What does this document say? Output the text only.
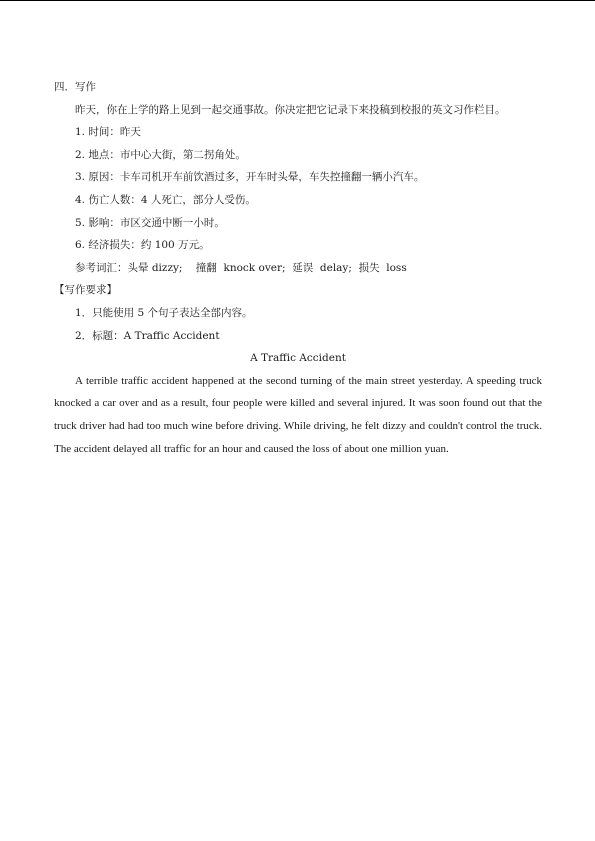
四．写作
昨天，你在上学的路上见到一起交通事故。你决定把它记录下来投稿到校报的英文习作栏目。
1. 时间：昨天
2. 地点：市中心大街，第二拐角处。
3. 原因：卡车司机开车前饮酒过多，开车时头晕，车失控撞翻一辆小汽车。
4. 伤亡人数：4 人死亡，部分人受伤。
5. 影响：市区交通中断一小时。
6. 经济损失：约 100 万元。
参考词汇：头晕 dizzy;    撞翻  knock over;  延误  delay;  损失  loss
【写作要求】
1．只能使用 5 个句子表达全部内容。
2．标题：A Traffic Accident
A Traffic Accident
A terrible traffic accident happened at the second turning of the main street yesterday. A speeding truck knocked a car over and as a result, four people were killed and several injured. It was soon found out that the truck driver had had too much wine before driving. While driving, he felt dizzy and couldn't control the truck. The accident delayed all traffic for an hour and caused the loss of about one million yuan.
